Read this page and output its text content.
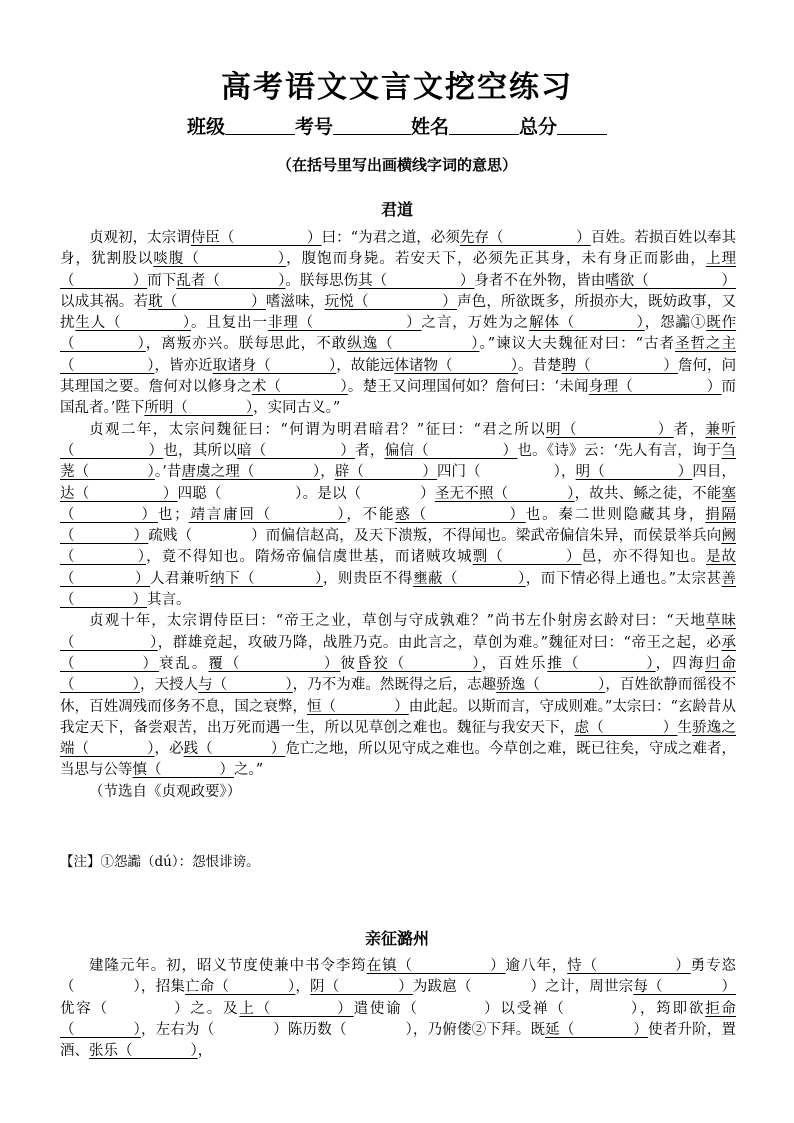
高考语文文言文挖空练习
班级	考号	姓名	总分
（在括号里写出画横线字词的意思）
君道

贞观初，太宗谓侍臣（　　　　　）曰：“为君之道，必须先存（　　　　　）百姓。若损百姓以奉其身，犹割股以啖腹（　　　　　），腹饱而身毙。若安天下，必须先正其身，未有身正而影曲，上理（　　　　）而下乱者（　　　　）。朕每思伤其（　　　　　）身者不在外物，皆由嗜欲（　　　　　）以成其祸。若耽（　　　　　）嗜滋味，玩悦（　　　　　）声色，所欲既多，所损亦大，既妨政事，又扰生人（　　　　）。且复出一非理（　　　　　　）之言，万姓为之解体（　　　　），怨讟①既作（　　　　），离叛亦兴。朕每思此，不敢纵逸（　　　　　）。”谏议大夫魏征对曰：“古者圣哲之主（　　　　　），皆亦近取诸身（　　　　），故能远体诸物（　　　　）。昔楚聘（　　　　　）詹何，问其理国之要。詹何对以修身之术（　　　　）。楚王又问理国何如？詹何曰：‘未闻身理（　　　　　）而国乱者。’陛下所明（　　　　），实同古义。”

贞观二年，太宗问魏征曰：“何谓为明君暗君？”征曰：“君之所以明（　　　　　）者，兼听（　　　　　）也，其所以暗（　　　　　）者，偏信（　　　　　）也。《诗》云：‘先人有言，询于刍荛（　　　　）。’昔唐虞之理（　　　　），辟（　　　　）四门（　　　　　），明（　　　　　）四目，达（　　　　　）四聪（　　　　　）。是以（　　　　）圣无不照（　　　　），故共、鲧之徒，不能塞（　　　　）也；靖言庸回（　　　　），不能惑（　　　　　）也。秦二世则隐藏其身，捐隔（　　　　）疏贱（　　　　）而偏信赵高，及天下溃叛，不得闻也。梁武帝偏信朱异，而侯景举兵向阙（　　　　），竟不得知也。隋炀帝偏信虞世基，而诸贼攻城剽（　　　　）邑，亦不得知也。是故（　　　　）人君兼听纳下（　　　　），则贵臣不得壅蔽（　　　　），而下情必得上通也。”太宗甚善（　　　　）其言。

贞观十年，太宗谓侍臣曰：“帝王之业，草创与守成孰难？”尚书左仆射房玄龄对曰：“天地草昧（　　　　　），群雄竞起，攻破乃降，战胜乃克。由此言之，草创为难。”魏征对曰：“帝王之起，必承（　　　　）衰乱。覆（　　　　　）彼昏狡（　　　　），百姓乐推（　　　　），四海归命（　　　　），天授人与（　　　　），乃不为难。然既得之后，志趣骄逸（　　　　），百姓欲静而徭役不休，百姓凋残而侈务不息，国之衰弊，恒（　　　　）由此起。以斯而言，守成则难。”太宗曰：“玄龄昔从我定天下，备尝艰苦，出万死而遇一生，所以见草创之难也。魏征与我安天下，虑（　　　　）生骄逸之端（　　　　），必践（　　　　）危亡之地，所以见守成之难也。今草创之难，既已往矣，守成之难者，当思与公等慎（　　　　）之。”

（节选自《贞观政要》）

【注】①怨讟（dú）：怨恨诽谤。
亲征潞州

建隆元年。初，昭义节度使兼中书令李筠在镇（　　　　　）逾八年，恃（　　　　　）勇专恣（　　　　），招集亡命（　　　　），阴（　　　　）为跋扈（　　　　）之计，周世宗每（　　　　）优容（　　　　）之。及上（　　　　）遣使谕（　　　　）以受禅（　　　　），筠即欲拒命（　　　　），左右为（　　　　）陈历数（　　　　），乃俯偻②下拜。既延（　　　　）使者升阶，置酒、张乐（　　　　），
